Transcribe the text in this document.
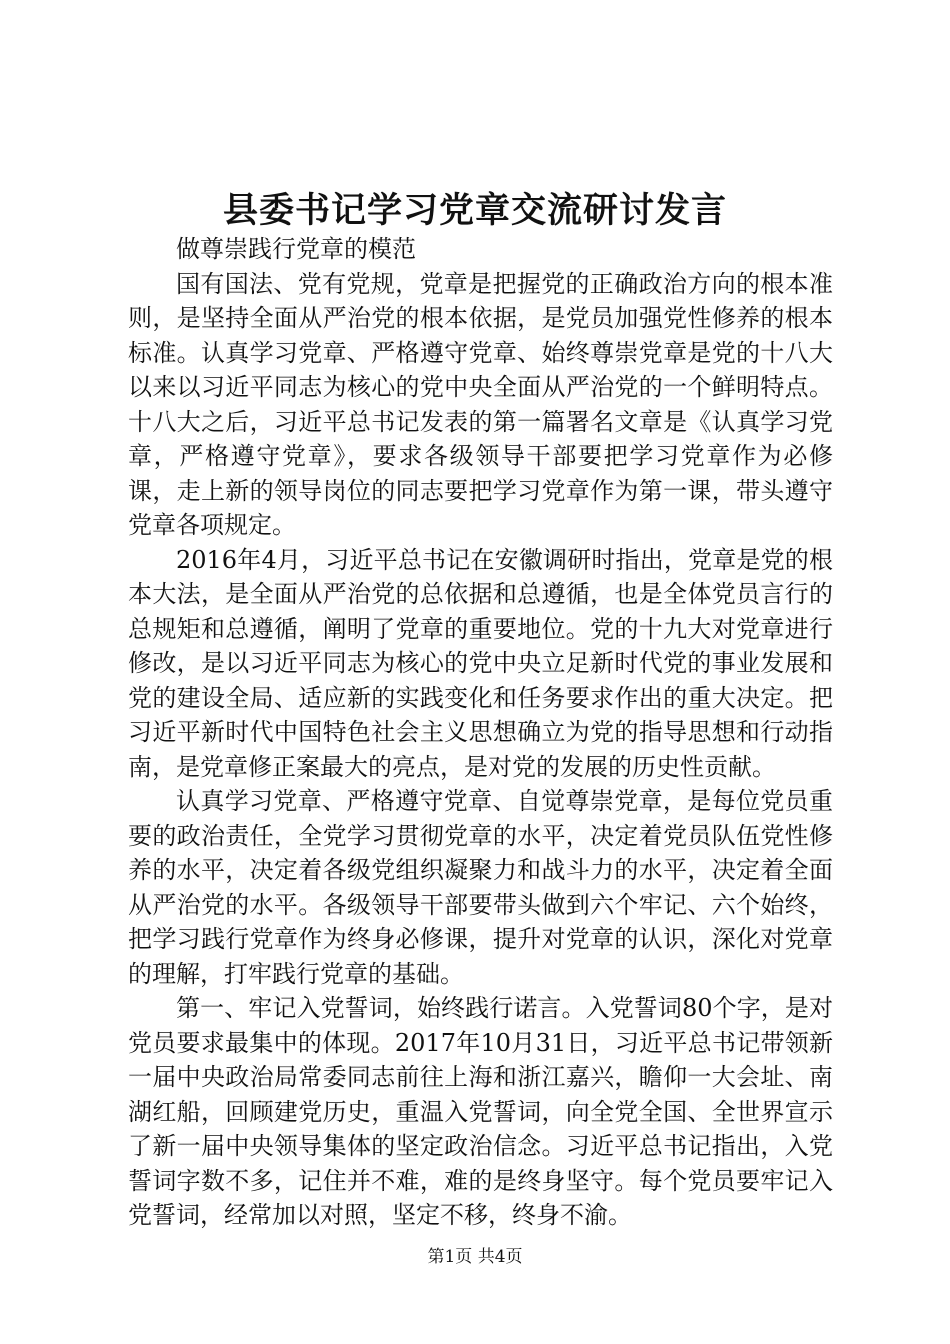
县委书记学习党章交流研讨发言

做尊崇践行党章的模范

国有国法、党有党规，党章是把握党的正确政治方向的根本准则，是坚持全面从严治党的根本依据，是党员加强党性修养的根本标准。认真学习党章、严格遵守党章、始终尊崇党章是党的十八大以来以习近平同志为核心的党中央全面从严治党的一个鲜明特点。十八大之后，习近平总书记发表的第一篇署名文章是《认真学习党章，严格遵守党章》，要求各级领导干部要把学习党章作为必修课，走上新的领导岗位的同志要把学习党章作为第一课，带头遵守党章各项规定。

2016年4月，习近平总书记在安徽调研时指出，党章是党的根本大法，是全面从严治党的总依据和总遵循，也是全体党员言行的总规矩和总遵循，阐明了党章的重要地位。党的十九大对党章进行修改，是以习近平同志为核心的党中央立足新时代党的事业发展和党的建设全局、适应新的实践变化和任务要求作出的重大决定。把习近平新时代中国特色社会主义思想确立为党的指导思想和行动指南，是党章修正案最大的亮点，是对党的发展的历史性贡献。

认真学习党章、严格遵守党章、自觉尊崇党章，是每位党员重要的政治责任，全党学习贯彻党章的水平，决定着党员队伍党性修养的水平，决定着各级党组织凝聚力和战斗力的水平，决定着全面从严治党的水平。各级领导干部要带头做到六个牢记、六个始终，把学习践行党章作为终身必修课，提升对党章的认识，深化对党章的理解，打牢践行党章的基础。

第一、牢记入党誓词，始终践行诺言。入党誓词80个字，是对党员要求最集中的体现。2017年10月31日，习近平总书记带领新一届中央政治局常委同志前往上海和浙江嘉兴，瞻仰一大会址、南湖红船，回顾建党历史，重温入党誓词，向全党全国、全世界宣示了新一届中央领导集体的坚定政治信念。习近平总书记指出，入党誓词字数不多，记住并不难，难的是终身坚守。每个党员要牢记入党誓词，经常加以对照，坚定不移，终身不渝。

第1页 共4页
